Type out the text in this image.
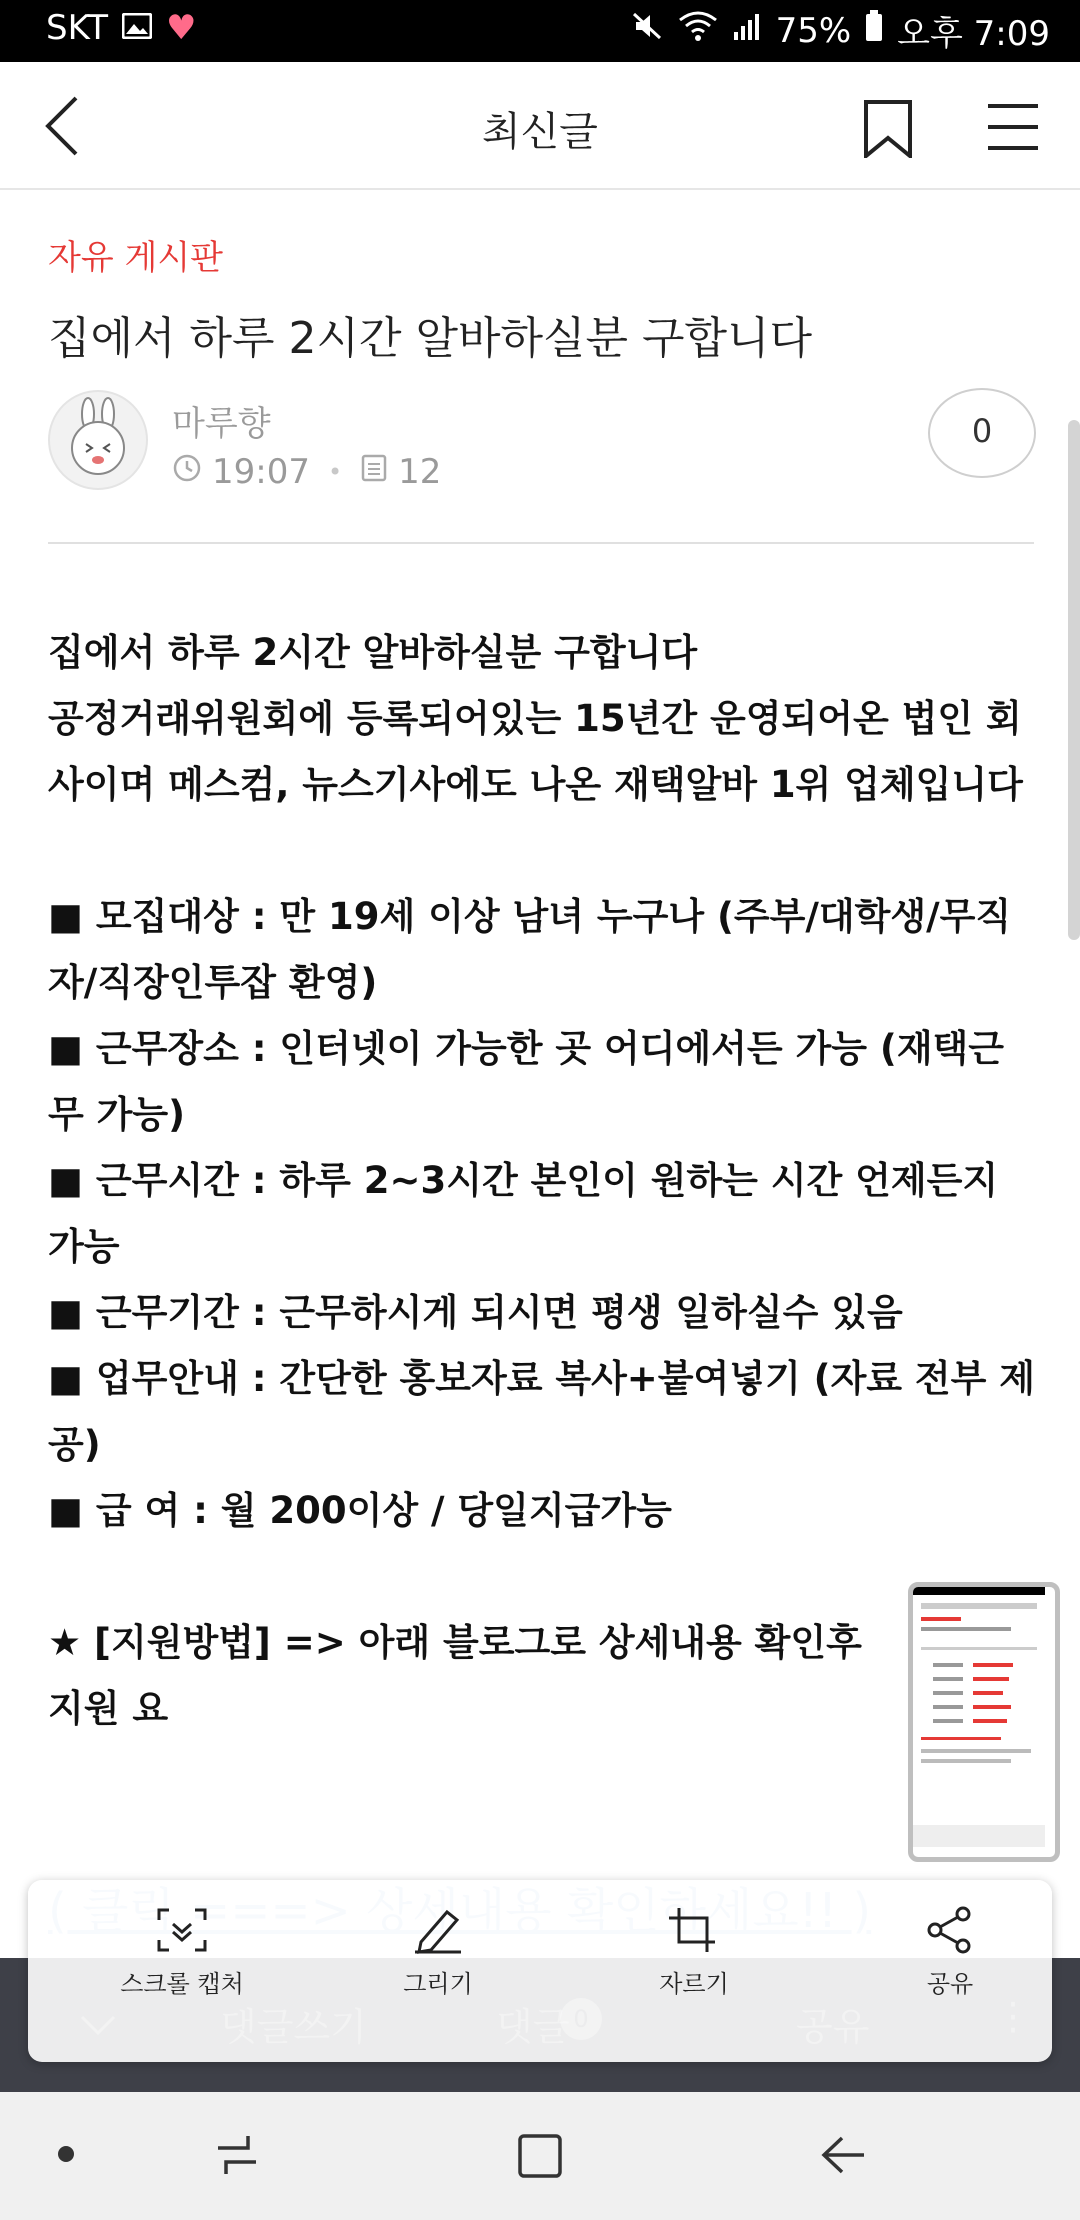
SKT ♥	75% 오후 7:09
최신글
자유 게시판
집에서 하루 2시간 알바하실분 구합니다
마루향
19:07 • 12
0

집에서 하루 2시간 알바하실분 구합니다

공정거래위원회에 등록되어있는 15년간 운영되어온 법인 회사이며 메스컴, 뉴스기사에도 나온 재택알바 1위 업체입니다

■ 모집대상 : 만 19세 이상 남녀 누구나 (주부/대학생/무직자/직장인투잡 환영)

■ 근무장소 : 인터넷이 가능한 곳 어디에서든 가능 (재택근무 가능)

■ 근무시간 : 하루 2~3시간 본인이 원하는 시간 언제든지 가능

■ 근무기간 : 근무하시게 되시면 평생 일하실수 있음

■ 업무안내 : 간단한 홍보자료 복사+붙여넣기 (자료 전부 제공)

■ 급 여 : 월 200이상 / 당일지급가능

★ [지원방법] => 아래 블로그로 상세내용 확인후 지원 요

스크롤 캡처	그리기	자르기	공유
